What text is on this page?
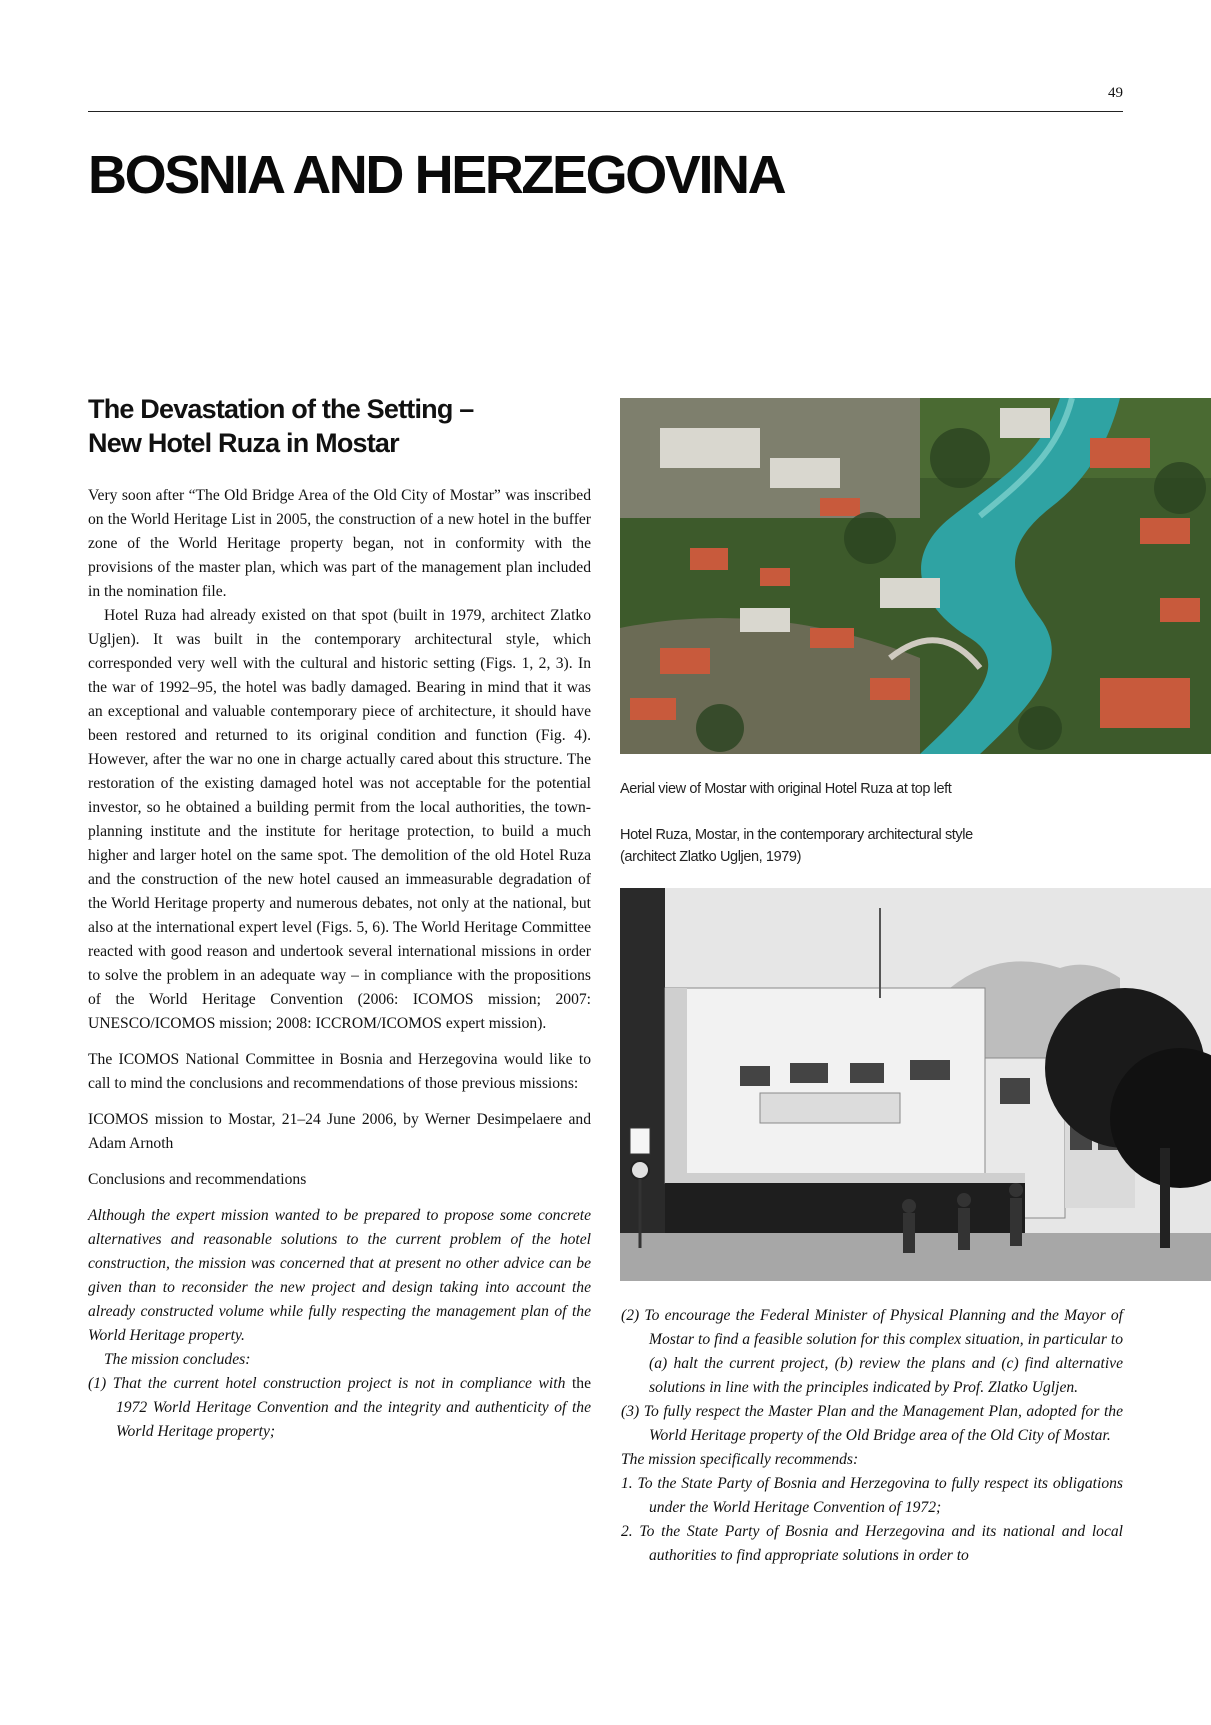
49
BOSNIA AND HERZEGOVINA
The Devastation of the Setting –
New Hotel Ruza in Mostar

Very soon after “The Old Bridge Area of the Old City of Mostar” was inscribed on the World Heritage List in 2005, the construction of a new hotel in the buffer zone of the World Heritage property began, not in conformity with the provisions of the master plan, which was part of the management plan included in the nomination file.

Hotel Ruza had already existed on that spot (built in 1979, architect Zlatko Ugljen). It was built in the contemporary architectural style, which corresponded very well with the cultural and historic setting (Figs. 1, 2, 3). In the war of 1992–95, the hotel was badly damaged. Bearing in mind that it was an exceptional and valuable contemporary piece of architecture, it should have been restored and returned to its original condition and function (Fig. 4). However, after the war no one in charge actually cared about this structure. The restoration of the existing damaged hotel was not acceptable for the potential investor, so he obtained a building permit from the local authorities, the town-planning institute and the institute for heritage protection, to build a much higher and larger hotel on the same spot. The demolition of the old Hotel Ruza and the construction of the new hotel caused an immeasurable degradation of the World Heritage property and numerous debates, not only at the national, but also at the international expert level (Figs. 5, 6). The World Heritage Committee reacted with good reason and undertook several international missions in order to solve the problem in an adequate way – in compliance with the propositions of the World Heritage Convention (2006: ICOMOS mission; 2007: UNESCO/ICOMOS mission; 2008: ICCROM/ICOMOS expert mission).

The ICOMOS National Committee in Bosnia and Herzegovina would like to call to mind the conclusions and recommendations of those previous missions:

ICOMOS mission to Mostar, 21–24 June 2006, by Werner Desimpelaere and Adam Arnoth

Conclusions and recommendations

Although the expert mission wanted to be prepared to propose some concrete alternatives and reasonable solutions to the current problem of the hotel construction, the mission was concerned that at present no other advice can be given than to reconsider the new project and design taking into account the already constructed volume while fully respecting the management plan of the World Heritage property.

The mission concludes:

(1) That the current hotel construction project is not in compliance with the 1972 World Heritage Convention and the integrity and authenticity of the World Heritage property;

Aerial view of Mostar with original Hotel Ruza at top left

Hotel Ruza, Mostar, in the contemporary architectural style
(architect Zlatko Ugljen, 1979)

(2) To encourage the Federal Minister of Physical Planning and the Mayor of Mostar to find a feasible solution for this complex situation, in particular to (a) halt the current project, (b) review the plans and (c) find alternative solutions in line with the principles indicated by Prof. Zlatko Ugljen.

(3) To fully respect the Master Plan and the Management Plan, adopted for the World Heritage property of the Old Bridge area of the Old City of Mostar.

The mission specifically recommends:

1. To the State Party of Bosnia and Herzegovina to fully respect its obligations under the World Heritage Convention of 1972;

2. To the State Party of Bosnia and Herzegovina and its national and local authorities to find appropriate solutions in order to
